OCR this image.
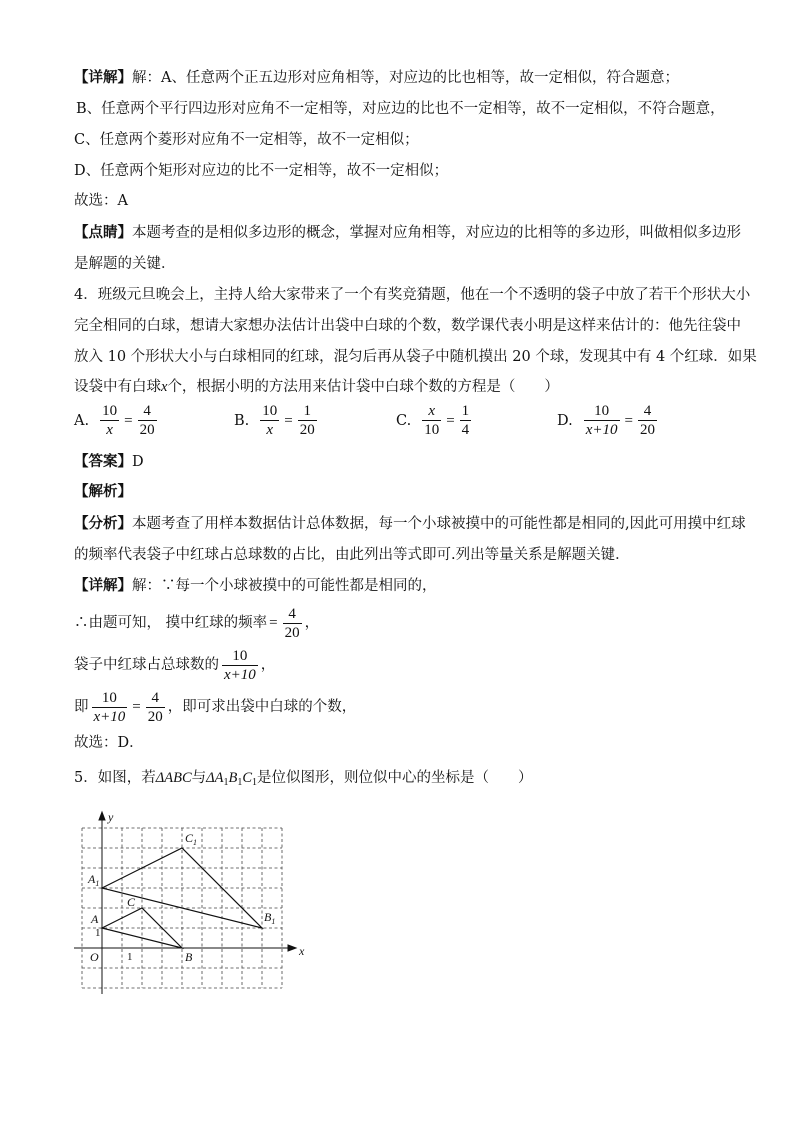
【详解】解：A、任意两个正五边形对应角相等，对应边的比也相等，故一定相似，符合题意；
B、任意两个平行四边形对应角不一定相等，对应边的比也不一定相等，故不一定相似，不符合题意，
C、任意两个菱形对应角不一定相等，故不一定相似；
D、任意两个矩形对应边的比不一定相等，故不一定相似；
故选：A
【点睛】本题考查的是相似多边形的概念，掌握对应角相等，对应边的比相等的多边形，叫做相似多边形
是解题的关键．
4．班级元旦晚会上，主持人给大家带来了一个有奖竞猜题，他在一个不透明的袋子中放了若干个形状大小
完全相同的白球，想请大家想办法估计出袋中白球的个数，数学课代表小明是这样来估计的：他先往袋中
放入 10 个形状大小与白球相同的红球，混匀后再从袋子中随机摸出 20 个球，发现其中有 4 个红球．如果
设袋中有白球x个，根据小明的方法用来估计袋中白球个数的方程是（　　）
A. $\frac{10}{x} = \frac{4}{20}$	B. $\frac{10}{x} = \frac{1}{20}$	C. $\frac{x}{10} = \frac{1}{4}$	D. $\frac{10}{x+10} = \frac{4}{20}$
【答案】D
【解析】
【分析】本题考查了用样本数据估计总体数据，每一个小球被摸中的可能性都是相同的,因此可用摸中红球
的频率代表袋子中红球占总球数的占比，由此列出等式即可.列出等量关系是解题关键．
【详解】解：∵每一个小球被摸中的可能性都是相同的，
∴由题可知， 摸中红球的频率 = $\frac{4}{20}$ ，
袋子中红球占总球数的 $\frac{10}{x+10}$ ，
即 $\frac{10}{x+10} = \frac{4}{20}$ ，即可求出袋中白球的个数，
故选：D．
5．如图，若ΔABC与$\Delta A_1B_1C_1$是位似图形，则位似中心的坐标是（　　）
x
y
O	1
A
1
C
B
$A_1$
$C_1$
$B_1$
